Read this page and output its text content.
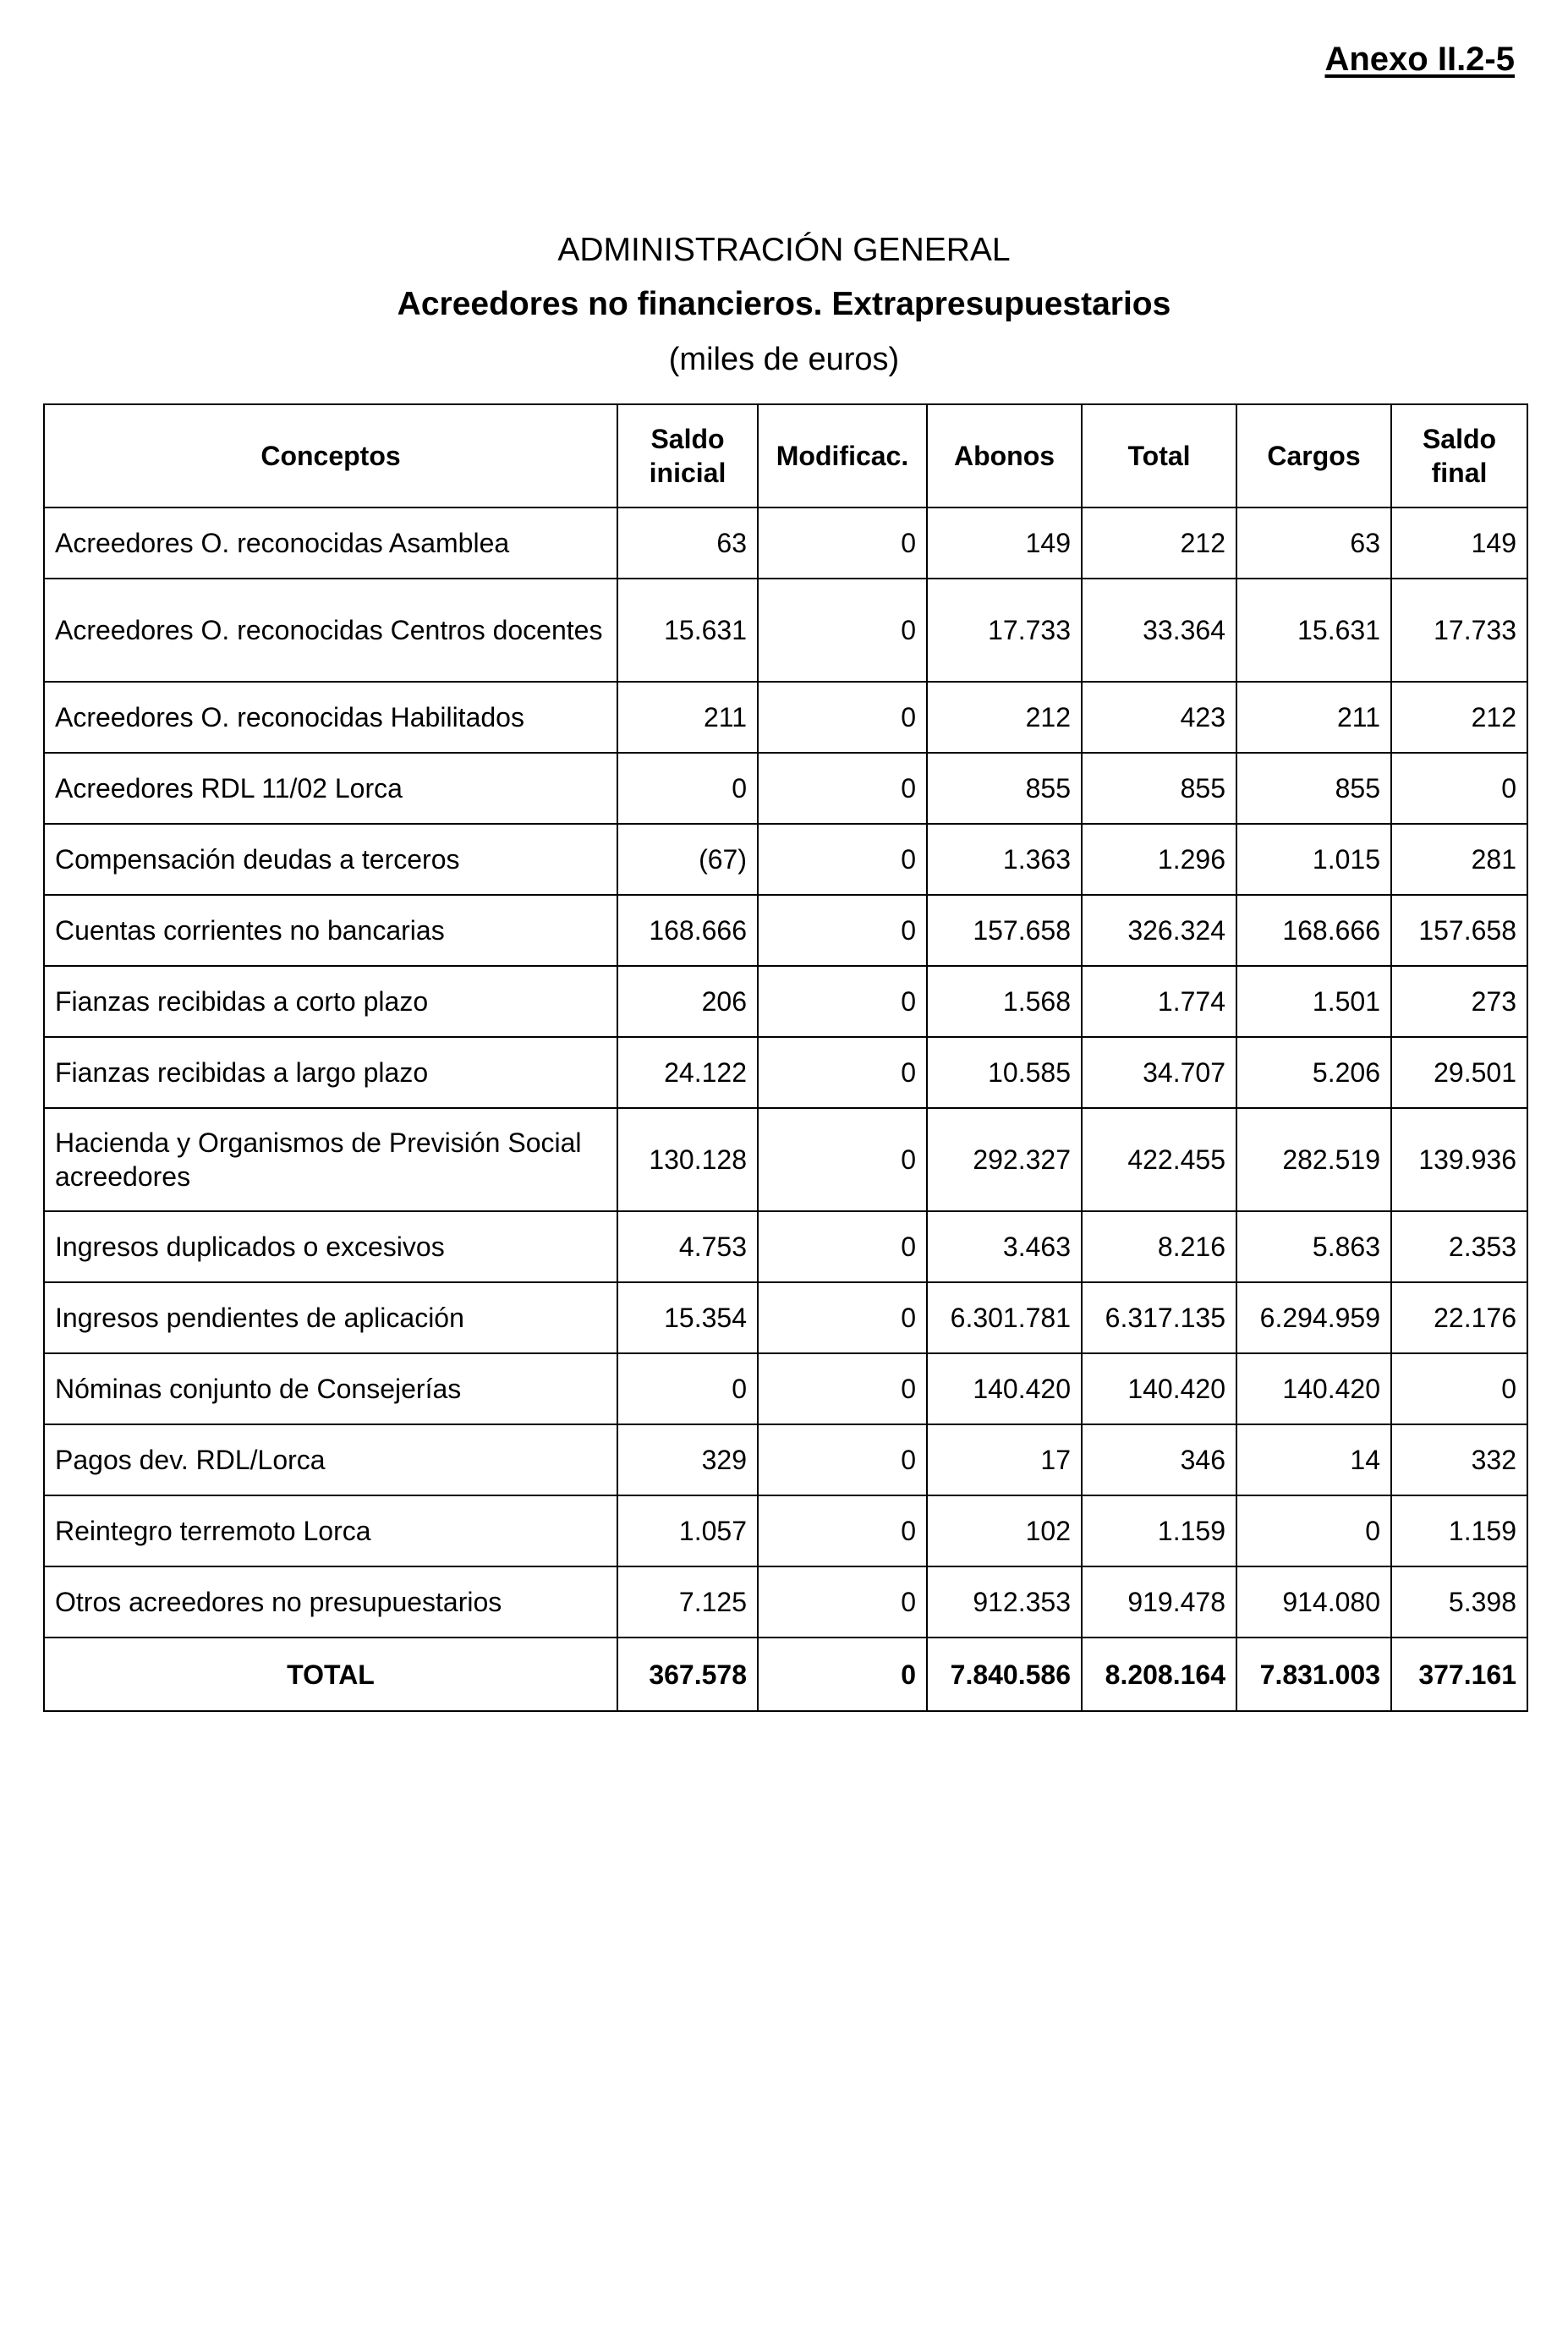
Anexo II.2-5
ADMINISTRACIÓN GENERAL
Acreedores no financieros. Extrapresupuestarios
(miles de euros)
Conceptos	Saldo inicial	Modificac.	Abonos	Total	Cargos	Saldo final
Acreedores O. reconocidas Asamblea	63	0	149	212	63	149
Acreedores O. reconocidas Centros docentes	15.631	0	17.733	33.364	15.631	17.733
Acreedores O. reconocidas Habilitados	211	0	212	423	211	212
Acreedores RDL 11/02 Lorca	0	0	855	855	855	0
Compensación deudas a terceros	(67)	0	1.363	1.296	1.015	281
Cuentas corrientes no bancarias	168.666	0	157.658	326.324	168.666	157.658
Fianzas recibidas a corto plazo	206	0	1.568	1.774	1.501	273
Fianzas recibidas a largo plazo	24.122	0	10.585	34.707	5.206	29.501
Hacienda y Organismos de Previsión Social acreedores	130.128	0	292.327	422.455	282.519	139.936
Ingresos duplicados o excesivos	4.753	0	3.463	8.216	5.863	2.353
Ingresos pendientes de aplicación	15.354	0	6.301.781	6.317.135	6.294.959	22.176
Nóminas conjunto de Consejerías	0	0	140.420	140.420	140.420	0
Pagos dev. RDL/Lorca	329	0	17	346	14	332
Reintegro terremoto Lorca	1.057	0	102	1.159	0	1.159
Otros acreedores no presupuestarios	7.125	0	912.353	919.478	914.080	5.398
TOTAL	367.578	0	7.840.586	8.208.164	7.831.003	377.161
